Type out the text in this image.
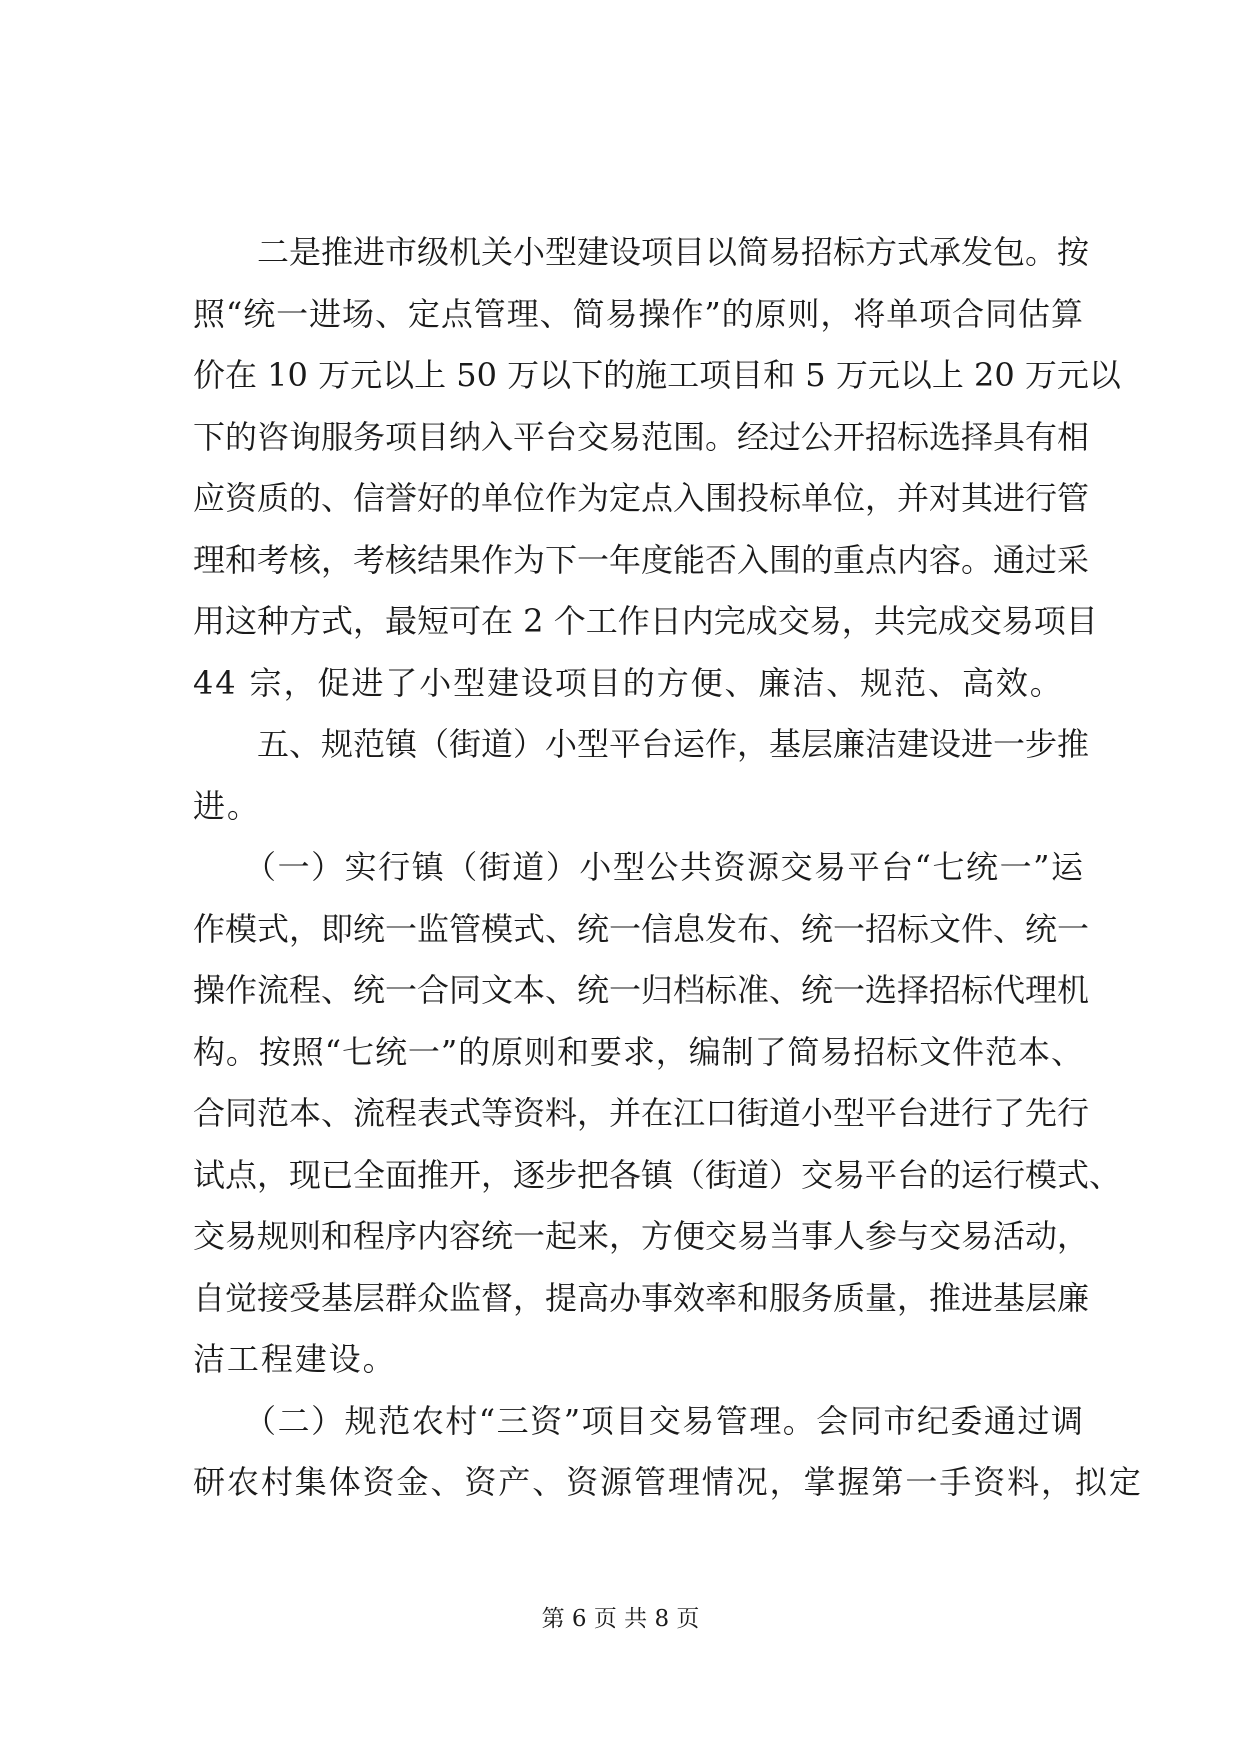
　　二是推进市级机关小型建设项目以简易招标方式承发包。按
照“统一进场、定点管理、简易操作”的原则，将单项合同估算
价在 10 万元以上 50 万以下的施工项目和 5 万元以上 20 万元以
下的咨询服务项目纳入平台交易范围。经过公开招标选择具有相
应资质的、信誉好的单位作为定点入围投标单位，并对其进行管
理和考核，考核结果作为下一年度能否入围的重点内容。通过采
用这种方式，最短可在 2 个工作日内完成交易，共完成交易项目
44 宗，促进了小型建设项目的方便、廉洁、规范、高效。
　　五、规范镇（街道）小型平台运作，基层廉洁建设进一步推
进。
　　（一）实行镇（街道）小型公共资源交易平台“七统一”运
作模式，即统一监管模式、统一信息发布、统一招标文件、统一
操作流程、统一合同文本、统一归档标准、统一选择招标代理机
构。按照“七统一”的原则和要求，编制了简易招标文件范本、
合同范本、流程表式等资料，并在江口街道小型平台进行了先行
试点，现已全面推开，逐步把各镇（街道）交易平台的运行模式、
交易规则和程序内容统一起来，方便交易当事人参与交易活动，
自觉接受基层群众监督，提高办事效率和服务质量，推进基层廉
洁工程建设。
　　（二）规范农村“三资”项目交易管理。会同市纪委通过调
研农村集体资金、资产、资源管理情况，掌握第一手资料，拟定
第 6 页 共 8 页
